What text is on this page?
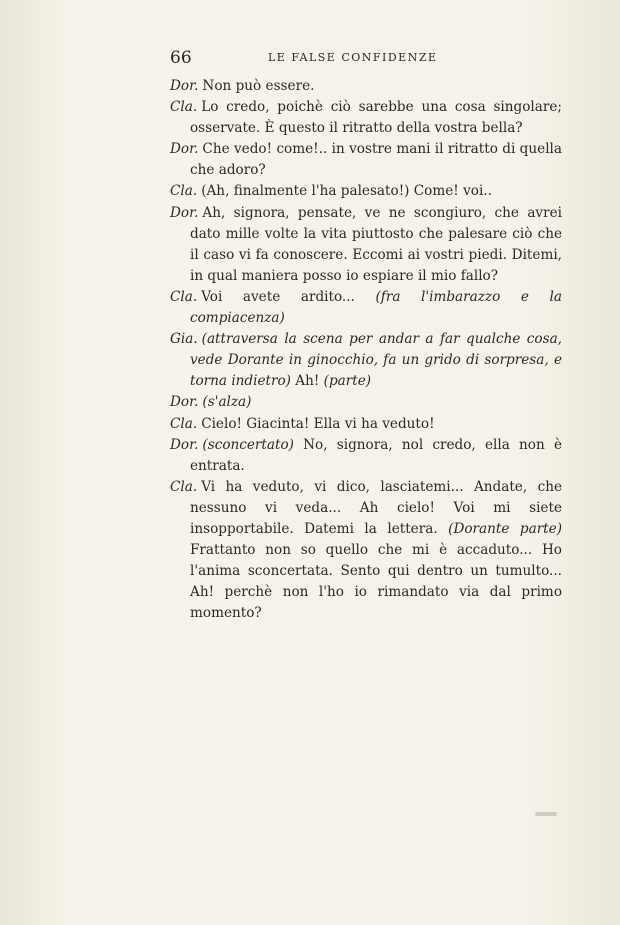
66	LE FALSE CONFIDENZE

Dor. Non può essere.

Cla. Lo credo, poichè ciò sarebbe una cosa singolare; osservate. È questo il ritratto della vostra bella?

Dor. Che vedo! come!.. in vostre mani il ritratto di quella che adoro?

Cla. (Ah, finalmente l'ha palesato!) Come! voi..

Dor. Ah, signora, pensate, ve ne scongiuro, che avrei dato mille volte la vita piuttosto che palesare ciò che il caso vi fa conoscere. Eccomi ai vostri piedi. Ditemi, in qual maniera posso io espiare il mio fallo?

Cla. Voi avete ardito... (fra l'imbarazzo e la compiacenza)

Gia. (attraversa la scena per andar a far qualche cosa, vede Dorante in ginocchio, fa un grido di sorpresa, e torna indietro) Ah! (parte)

Dor. (s'alza)

Cla. Cielo! Giacinta! Ella vi ha veduto!

Dor. (sconcertato) No, signora, nol credo, ella non è entrata.

Cla. Vi ha veduto, vi dico, lasciatemi... Andate, che nessuno vi veda... Ah cielo! Voi mi siete insopportabile. Datemi la lettera. (Dorante parte) Frattanto non so quello che mi è accaduto... Ho l'anima sconcertata. Sento qui dentro un tumulto... Ah! perchè non l'ho io rimandato via dal primo momento?
